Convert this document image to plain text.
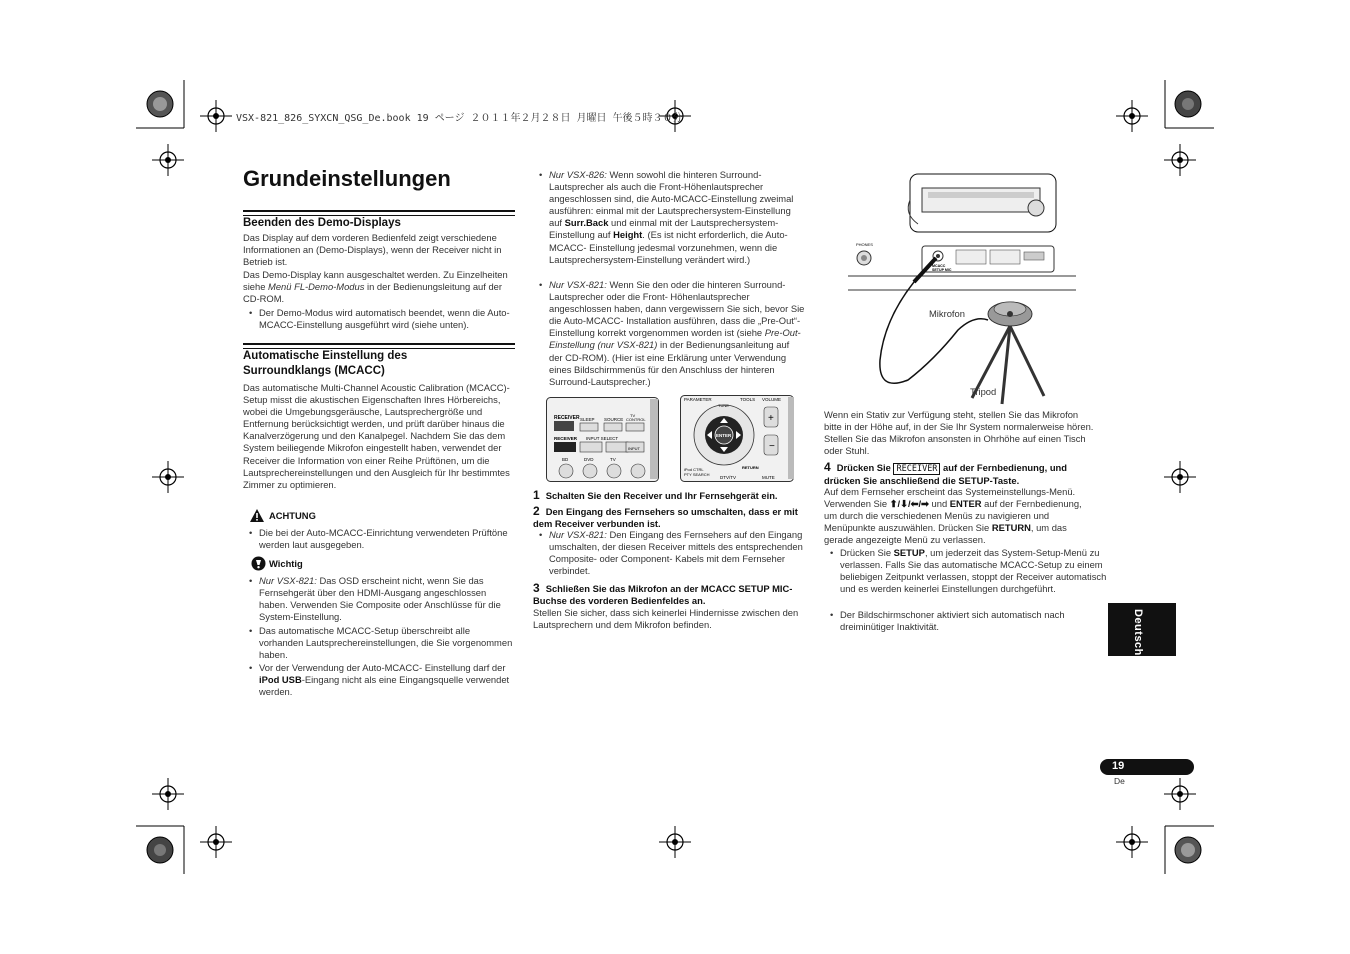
VSX-821_826_SYXCN_QSG_De.book 19 ページ ２０１１年２月２８日 月曜日 午後５時３０分
Grundeinstellungen
Beenden des Demo-Displays
Das Display auf dem vorderen Bedienfeld zeigt verschiedene Informationen an (Demo-Displays), wenn der Receiver nicht in Betrieb ist.
Das Demo-Display kann ausgeschaltet werden. Zu Einzelheiten siehe Menü FL-Demo-Modus in der Bedienungsleitung auf der CD-ROM.
• Der Demo-Modus wird automatisch beendet, wenn die Auto-MCACC-Einstellung ausgeführt wird (siehe unten).
Automatische Einstellung des
Surroundklangs (MCACC)
Das automatische Multi-Channel Acoustic Calibration (MCACC)-Setup misst die akustischen Eigenschaften Ihres Hörbereichs, wobei die Umgebungsgeräusche, Lautsprechergröße und Entfernung berücksichtigt werden, und prüft darüber hinaus die Kanalverzögerung und den Kanalpegel. Nachdem Sie das dem System beiliegende Mikrofon eingestellt haben, verwendet der Receiver die Information von einer Reihe Prüftönen, um die Lautsprechereinstellungen und den Ausgleich für Ihr bestimmtes Zimmer zu optimieren.
ACHTUNG
• Die bei der Auto-MCACC-Einrichtung verwendeten Prüftöne werden laut ausgegeben.
Wichtig
• Nur VSX-821: Das OSD erscheint nicht, wenn Sie das Fernsehgerät über den HDMI-Ausgang angeschlossen haben. Verwenden Sie Composite oder Anschlüsse für die System-Einstellung.
• Das automatische MCACC-Setup überschreibt alle vorhanden Lautsprechereinstellungen, die Sie vorgenommen haben.
• Vor der Verwendung der Auto-MCACC- Einstellung darf der iPod USB-Eingang nicht als eine Eingangsquelle verwendet werden.
• Nur VSX-826: Wenn sowohl die hinteren Surround-Lautsprecher als auch die Front-Höhenlautsprecher angeschlossen sind, die Auto-MCACC-Einstellung zweimal ausführen: einmal mit der Lautsprechersystem-Einstellung auf Surr.Back und einmal mit der Lautsprechersystem- Einstellung auf Height. (Es ist nicht erforderlich, die Auto-MCACC- Einstellung jedesmal vorzunehmen, wenn die Lautsprechersystem-Einstellung verändert wird.)
• Nur VSX-821: Wenn Sie den oder die hinteren Surround-Lautsprecher oder die Front- Höhenlautsprecher angeschlossen haben, dann vergewissern Sie sich, bevor Sie die Auto-MCACC- Installation ausführen, dass die „Pre-Out“-Einstellung korrekt vorgenommen worden ist (siehe Pre-Out-Einstellung (nur VSX-821) in der Bedienungsanleitung auf der CD-ROM). (Hier ist eine Erklärung unter Verwendung eines Bildschirmmenüs für den Anschluss der hinteren Surround-Lautsprecher.)
RECEIVER SLEEP SOURCE
TV
CONTROL
RECEIVER INPUT SELECT
INPUT
BD	DVD	TV
+
−
PARAMETER	TOOLS VOLUME
TUNE
ENTER
RETURN
iPod CTRL
PTY SEARCH
DTV/TV	MUTE
1 Schalten Sie den Receiver und Ihr Fernsehgerät ein.
2 Den Eingang des Fernsehers so umschalten, dass er mit dem Receiver verbunden ist.
• Nur VSX-821: Den Eingang des Fernsehers auf den Eingang umschalten, der diesen Receiver mittels des entsprechenden Composite- oder Component- Kabels mit dem Fernseher verbindet.
3 Schließen Sie das Mikrofon an der MCACC SETUP MIC-Buchse des vorderen Bedienfeldes an.
Stellen Sie sicher, dass sich keinerlei Hindernisse zwischen den Lautsprechern und dem Mikrofon befinden.
PHONES
MCACC
SETUP MIC
Mikrofon
Tripod
Wenn ein Stativ zur Verfügung steht, stellen Sie das Mikrofon bitte in der Höhe auf, in der Sie Ihr System normalerweise hören. Stellen Sie das Mikrofon ansonsten in Ohrhöhe auf einen Tisch oder Stuhl.
4 Drücken Sie RECEIVER auf der Fernbedienung, und drücken Sie anschließend die SETUP-Taste.
Auf dem Fernseher erscheint das Systemeinstellungs-Menü. Verwenden Sie ⬆/⬇/⬅/➡ und ENTER auf der Fernbedienung, um durch die verschiedenen Menüs zu navigieren und Menüpunkte auszuwählen. Drücken Sie RETURN, um das gerade angezeigte Menü zu verlassen.
• Drücken Sie SETUP, um jederzeit das System-Setup-Menü zu verlassen. Falls Sie das automatische MCACC-Setup zu einem beliebigen Zeitpunkt verlassen, stoppt der Receiver automatisch und es werden keinerlei Einstellungen durchgeführt.
• Der Bildschirmschoner aktiviert sich automatisch nach dreiminütiger Inaktivität.	Deutsch
19
De
